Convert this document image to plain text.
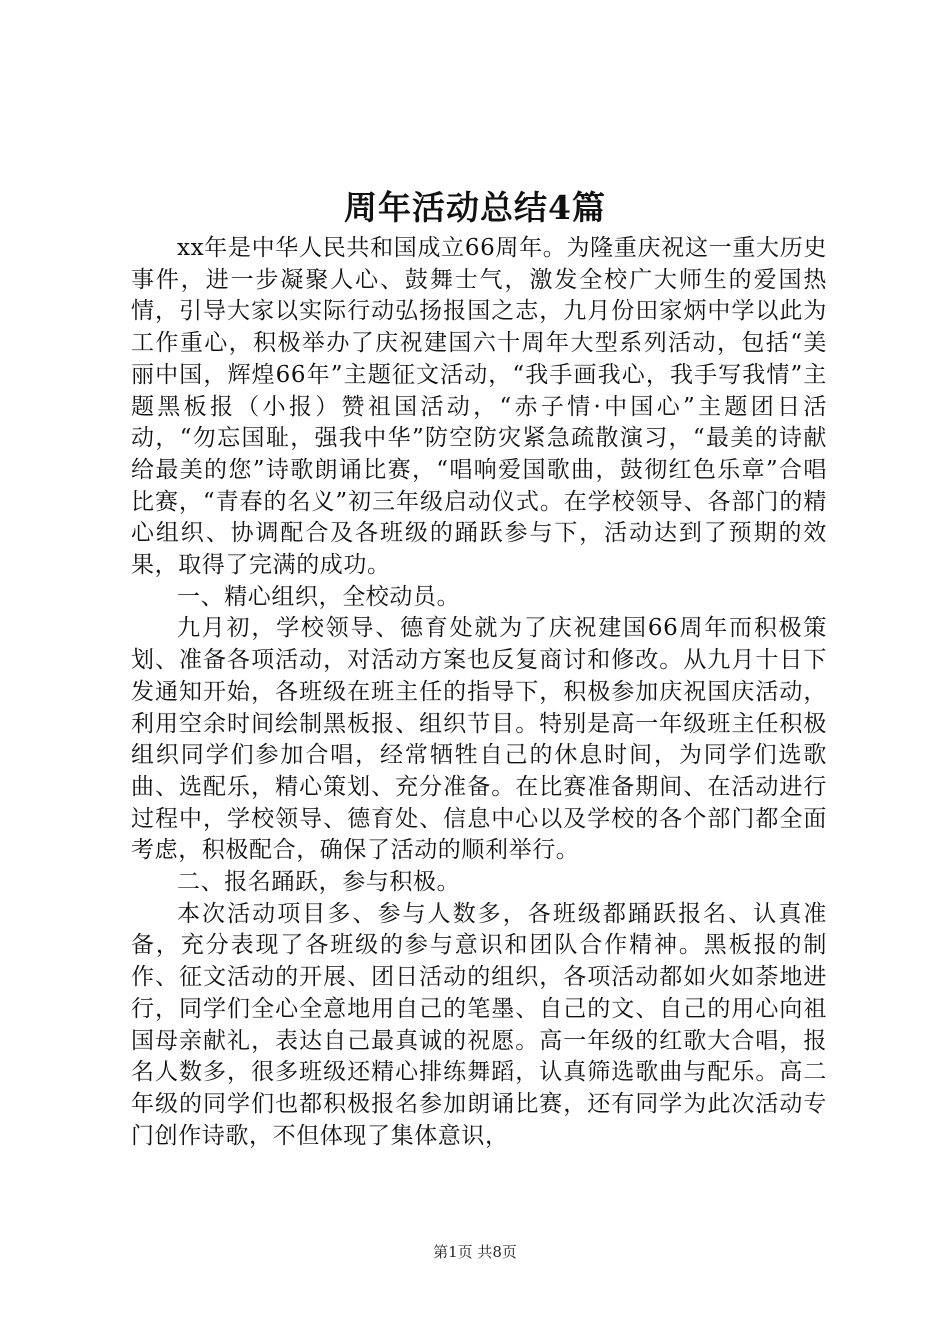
周年活动总结4篇

xx年是中华人民共和国成立66周年。为隆重庆祝这一重大历史事件，进一步凝聚人心、鼓舞士气，激发全校广大师生的爱国热情，引导大家以实际行动弘扬报国之志，九月份田家炳中学以此为工作重心，积极举办了庆祝建国六十周年大型系列活动，包括“美丽中国，辉煌66年”主题征文活动，“我手画我心，我手写我情”主题黑板报（小报）赞祖国活动，“赤子情·中国心”主题团日活动，“勿忘国耻，强我中华”防空防灾紧急疏散演习，“最美的诗献给最美的您”诗歌朗诵比赛，“唱响爱国歌曲，鼓彻红色乐章”合唱比赛，“青春的名义”初三年级启动仪式。在学校领导、各部门的精心组织、协调配合及各班级的踊跃参与下，活动达到了预期的效果，取得了完满的成功。

一、精心组织，全校动员。

九月初，学校领导、德育处就为了庆祝建国66周年而积极策划、准备各项活动，对活动方案也反复商讨和修改。从九月十日下发通知开始，各班级在班主任的指导下，积极参加庆祝国庆活动，利用空余时间绘制黑板报、组织节目。特别是高一年级班主任积极组织同学们参加合唱，经常牺牲自己的休息时间，为同学们选歌曲、选配乐，精心策划、充分准备。在比赛准备期间、在活动进行过程中，学校领导、德育处、信息中心以及学校的各个部门都全面考虑，积极配合，确保了活动的顺利举行。

二、报名踊跃，参与积极。

本次活动项目多、参与人数多，各班级都踊跃报名、认真准备，充分表现了各班级的参与意识和团队合作精神。黑板报的制作、征文活动的开展、团日活动的组织，各项活动都如火如荼地进行，同学们全心全意地用自己的笔墨、自己的文、自己的用心向祖国母亲献礼，表达自己最真诚的祝愿。高一年级的红歌大合唱，报名人数多，很多班级还精心排练舞蹈，认真筛选歌曲与配乐。高二年级的同学们也都积极报名参加朗诵比赛，还有同学为此次活动专门创作诗歌，不但体现了集体意识，

第1页 共8页
